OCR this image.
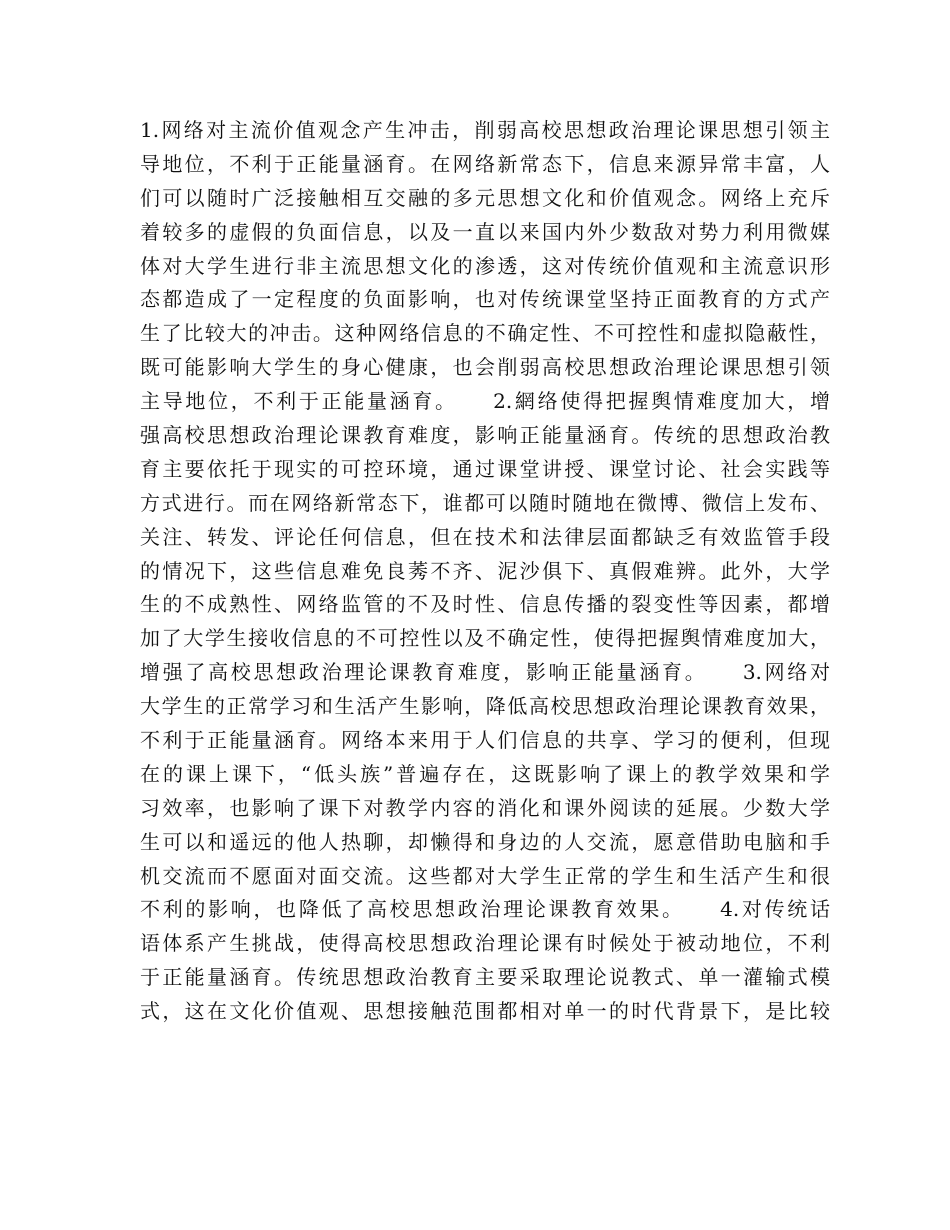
1.网络对主流价值观念产生冲击，削弱高校思想政治理论课思想引领主
导地位，不利于正能量涵育。在网络新常态下，信息来源异常丰富，人
们可以随时广泛接触相互交融的多元思想文化和价值观念。网络上充斥
着较多的虚假的负面信息，以及一直以来国内外少数敌对势力利用微媒
体对大学生进行非主流思想文化的渗透，这对传统价值观和主流意识形
态都造成了一定程度的负面影响，也对传统课堂坚持正面教育的方式产
生了比较大的冲击。这种网络信息的不确定性、不可控性和虚拟隐蔽性，
既可能影响大学生的身心健康，也会削弱高校思想政治理论课思想引领
主导地位，不利于正能量涵育。　　2.網络使得把握舆情难度加大，增
强高校思想政治理论课教育难度，影响正能量涵育。传统的思想政治教
育主要依托于现实的可控环境，通过课堂讲授、课堂讨论、社会实践等
方式进行。而在网络新常态下，谁都可以随时随地在微博、微信上发布、
关注、转发、评论任何信息，但在技术和法律层面都缺乏有效监管手段
的情况下，这些信息难免良莠不齐、泥沙俱下、真假难辨。此外，大学
生的不成熟性、网络监管的不及时性、信息传播的裂变性等因素，都增
加了大学生接收信息的不可控性以及不确定性，使得把握舆情难度加大，
增强了高校思想政治理论课教育难度，影响正能量涵育。　　3.网络对
大学生的正常学习和生活产生影响，降低高校思想政治理论课教育效果，
不利于正能量涵育。网络本来用于人们信息的共享、学习的便利，但现
在的课上课下，“低头族”普遍存在，这既影响了课上的教学效果和学
习效率，也影响了课下对教学内容的消化和课外阅读的延展。少数大学
生可以和遥远的他人热聊，却懒得和身边的人交流，愿意借助电脑和手
机交流而不愿面对面交流。这些都对大学生正常的学生和生活产生和很
不利的影响，也降低了高校思想政治理论课教育效果。　　4.对传统话
语体系产生挑战，使得高校思想政治理论课有时候处于被动地位，不利
于正能量涵育。传统思想政治教育主要采取理论说教式、单一灌输式模
式，这在文化价值观、思想接触范围都相对单一的时代背景下，是比较
